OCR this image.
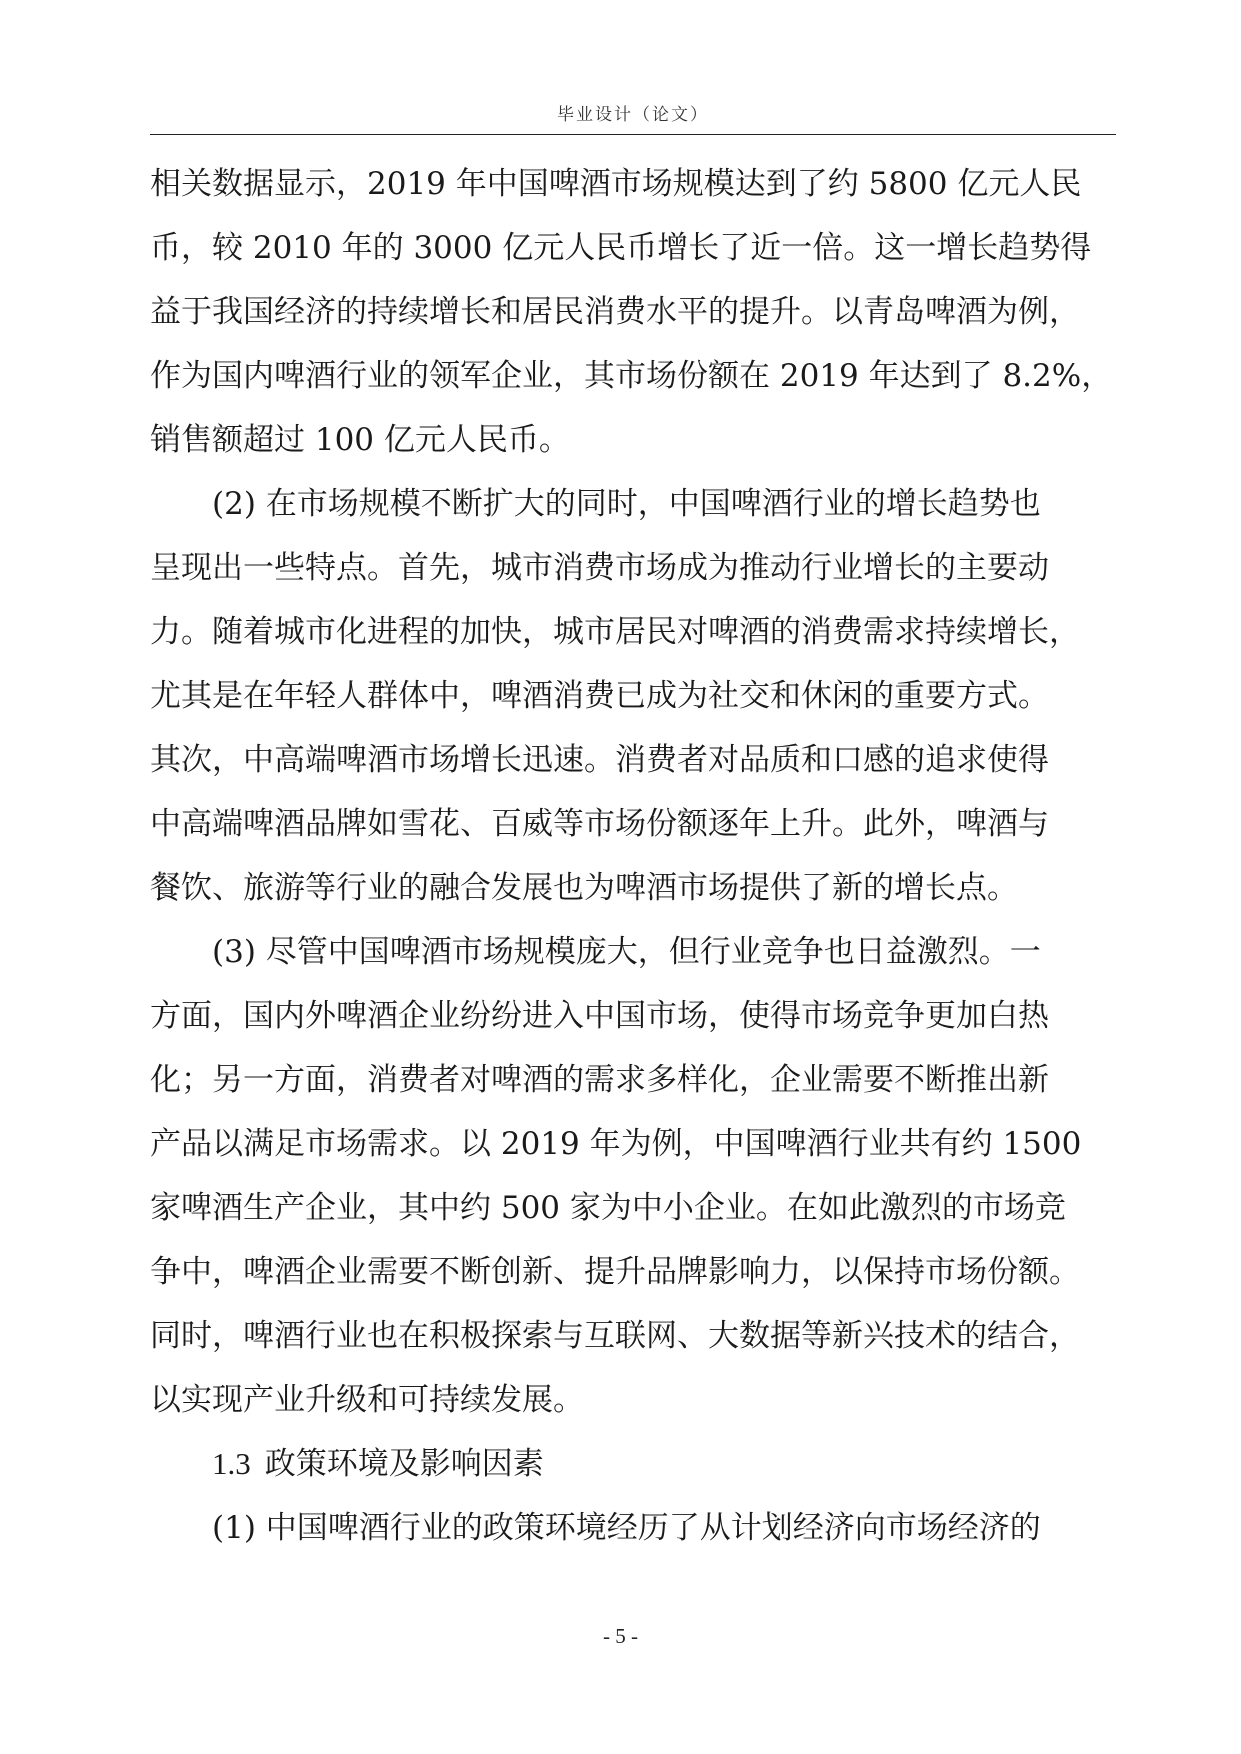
毕业设计（论文）
相关数据显示，2019 年中国啤酒市场规模达到了约 5800 亿元人民
币，较 2010 年的 3000 亿元人民币增长了近一倍。这一增长趋势得
益于我国经济的持续增长和居民消费水平的提升。以青岛啤酒为例，
作为国内啤酒行业的领军企业，其市场份额在 2019 年达到了 8.2%，
销售额超过 100 亿元人民币。
　　(2) 在市场规模不断扩大的同时，中国啤酒行业的增长趋势也
呈现出一些特点。首先，城市消费市场成为推动行业增长的主要动
力。随着城市化进程的加快，城市居民对啤酒的消费需求持续增长，
尤其是在年轻人群体中，啤酒消费已成为社交和休闲的重要方式。
其次，中高端啤酒市场增长迅速。消费者对品质和口感的追求使得
中高端啤酒品牌如雪花、百威等市场份额逐年上升。此外，啤酒与
餐饮、旅游等行业的融合发展也为啤酒市场提供了新的增长点。
　　(3) 尽管中国啤酒市场规模庞大，但行业竞争也日益激烈。一
方面，国内外啤酒企业纷纷进入中国市场，使得市场竞争更加白热
化；另一方面，消费者对啤酒的需求多样化，企业需要不断推出新
产品以满足市场需求。以 2019 年为例，中国啤酒行业共有约 1500
家啤酒生产企业，其中约 500 家为中小企业。在如此激烈的市场竞
争中，啤酒企业需要不断创新、提升品牌影响力，以保持市场份额。
同时，啤酒行业也在积极探索与互联网、大数据等新兴技术的结合，
以实现产业升级和可持续发展。
1.3 政策环境及影响因素
　　(1) 中国啤酒行业的政策环境经历了从计划经济向市场经济的
- 5 -
